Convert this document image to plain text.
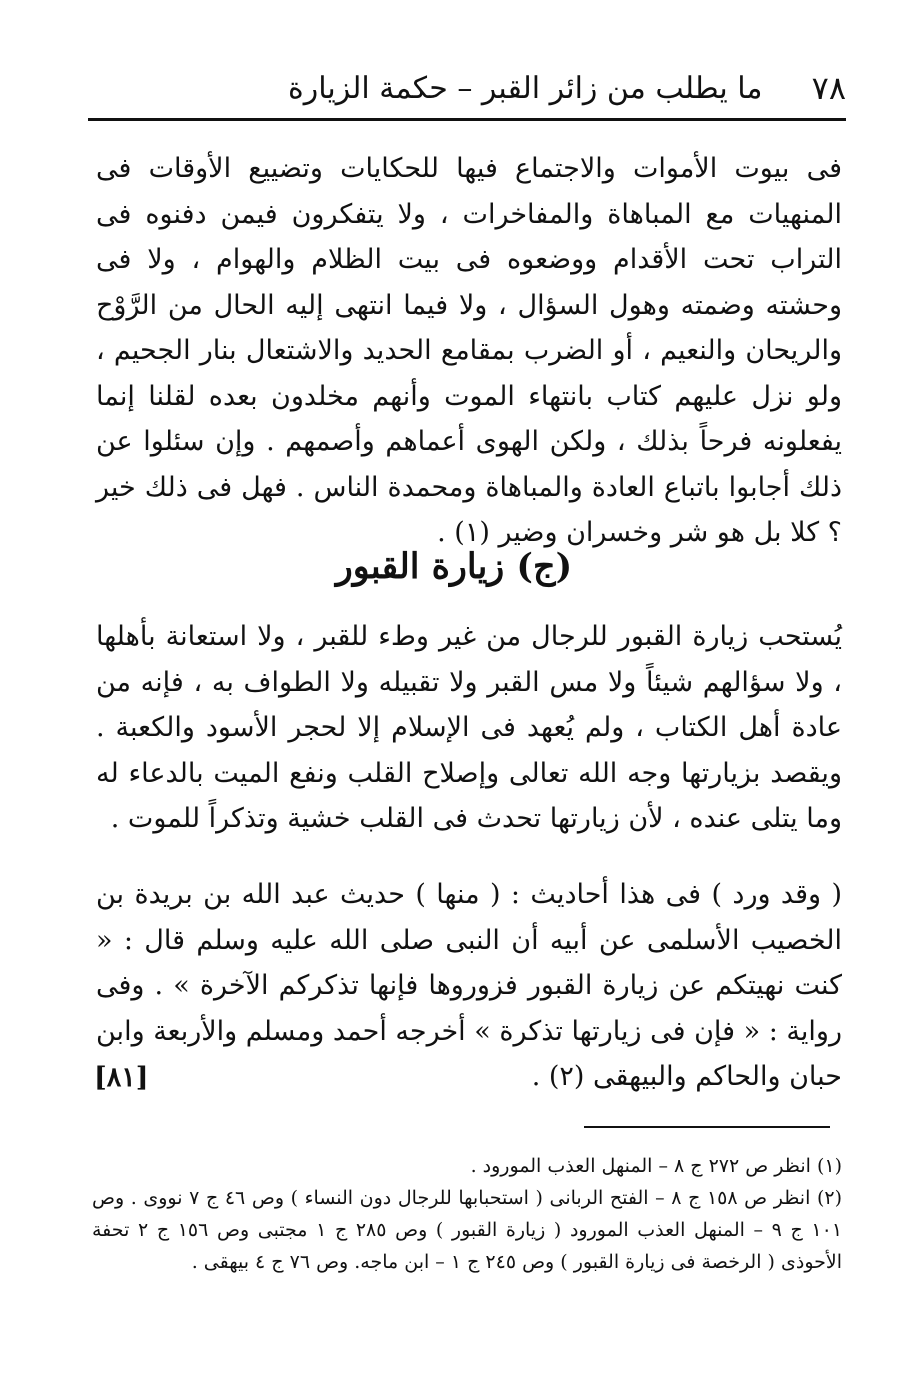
٧٨
ما يطلب من زائر القبر – حكمة الزيارة

فى بيوت الأموات والاجتماع فيها للحكايات وتضييع الأوقات فى المنهيات مع المباهاة والمفاخرات ، ولا يتفكرون فيمن دفنوه فى التراب تحت الأقدام ووضعوه فى بيت الظلام والهوام ، ولا فى وحشته وضمته وهول السؤال ، ولا فيما انتهى إليه الحال من الرَّوْح والريحان والنعيم ، أو الضرب بمقامع الحديد والاشتعال بنار الجحيم ، ولو نزل عليهم كتاب بانتهاء الموت وأنهم مخلدون بعده لقلنا إنما يفعلونه فرحاً بذلك ، ولكن الهوى أعماهم وأصمهم . وإن سئلوا عن ذلك أجابوا باتباع العادة والمباهاة ومحمدة الناس . فهل فى ذلك خير ؟ كلا بل هو شر وخسران وضير (١) .

(ج) زيارة القبور

يُستحب زيارة القبور للرجال من غير وطء للقبر ، ولا استعانة بأهلها ، ولا سؤالهم شيئاً ولا مس القبر ولا تقبيله ولا الطواف به ، فإنه من عادة أهل الكتاب ، ولم يُعهد فى الإسلام إلا لحجر الأسود والكعبة . ويقصد بزيارتها وجه الله تعالى وإصلاح القلب ونفع الميت بالدعاء له وما يتلى عنده ، لأن زيارتها تحدث فى القلب خشية وتذكراً للموت .

( وقد ورد ) فى هذا أحاديث : ( منها ) حديث عبد الله بن بريدة بن الخصيب الأسلمى عن أبيه أن النبى صلى الله عليه وسلم قال : « كنت نهيتكم عن زيارة القبور فزوروها فإنها تذكركم الآخرة » . وفى رواية : « فإن فى زيارتها تذكرة » أخرجه أحمد ومسلم والأربعة وابن حبان والحاكم والبيهقى (٢) .

[٨١]

(١) انظر ص ٢٧٢ ج ٨ – المنهل العذب المورود .

(٢) انظر ص ١٥٨ ج ٨ – الفتح الربانى ( استحبابها للرجال دون النساء ) وص ٤٦ ج ٧ نووى . وص ١٠١ ج ٩ – المنهل العذب المورود ( زيارة القبور ) وص ٢٨٥ ج ١ مجتبى وص ١٥٦ ج ٢ تحفة الأحوذى ( الرخصة فى زيارة القبور ) وص ٢٤٥ ج ١ – ابن ماجه. وص ٧٦ ج ٤ بيهقى .
